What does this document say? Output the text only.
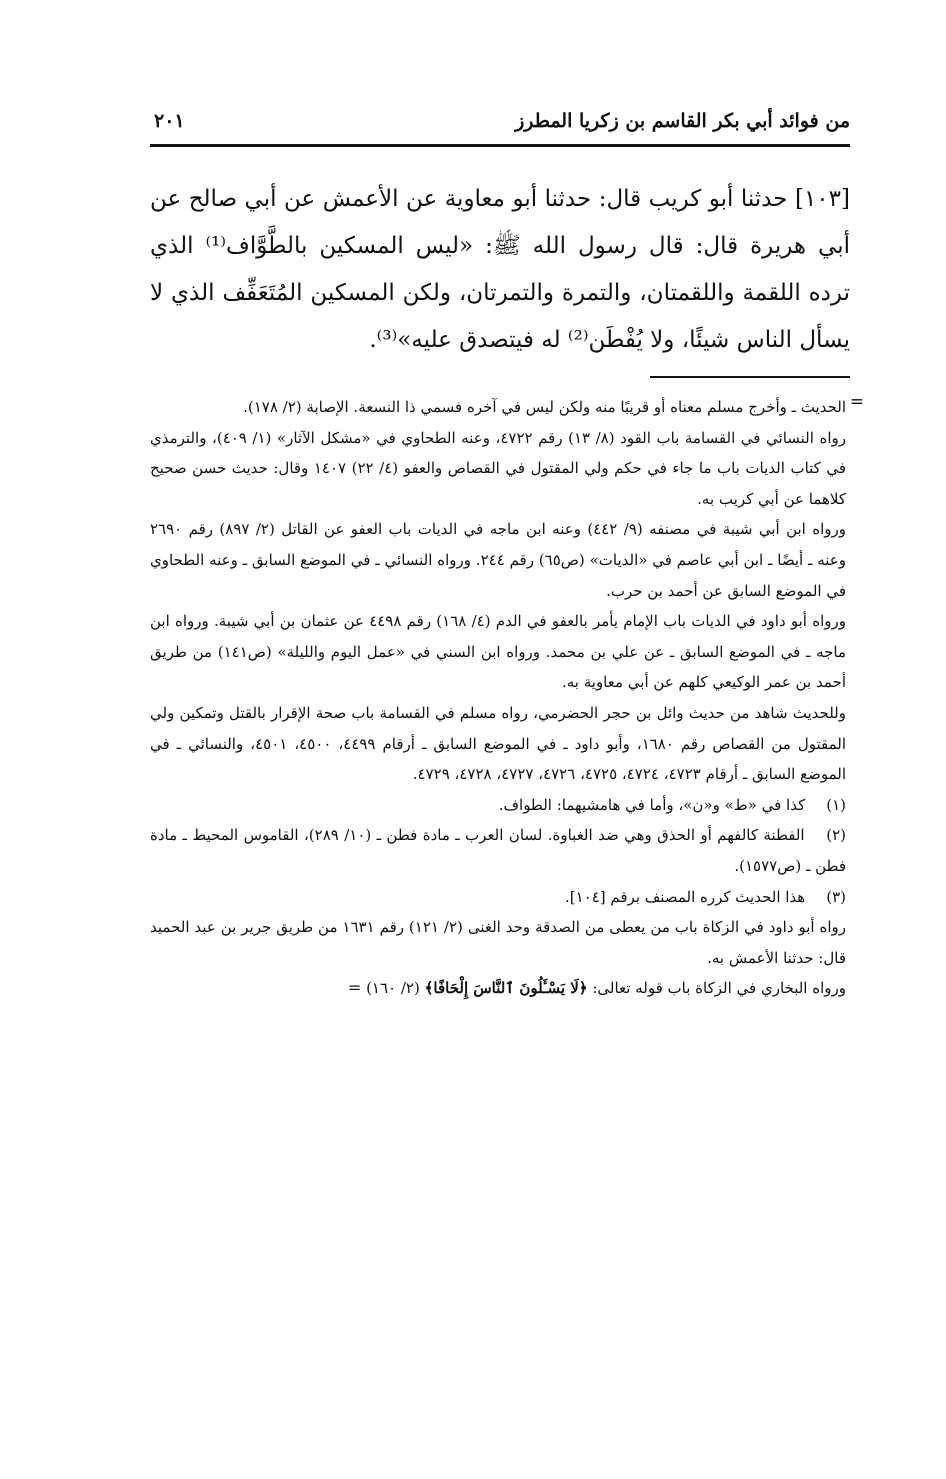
من فوائد أبي بكر القاسم بن زكريا المطرز
٢٠١

[١٠٣] حدثنا أبو كريب قال: حدثنا أبو معاوية عن الأعمش عن أبي صالح عن أبي هريرة قال: قال رسول الله ﷺ: «ليس المسكين بالطَّوَّاف⁽¹⁾ الذي ترده اللقمة واللقمتان، والتمرة والتمرتان، ولكن المسكين المُتَعَفِّف الذي لا يسأل الناس شيئًا، ولا يُفْطَن⁽²⁾ له فيتصدق عليه»⁽³⁾.

=

الحديث ـ وأخرج مسلم معناه أو قريبًا منه ولكن ليس في آخره فسمي ذا النسعة. الإصابة (٢/ ١٧٨).

رواه النسائي في القسامة باب القود (٨/ ١٣) رقم ٤٧٢٢، وعنه الطحاوي في «مشكل الآثار» (١/ ٤٠٩)، والترمذي في كتاب الديات باب ما جاء في حكم ولي المقتول في القصاص والعفو (٤/ ٢٢) ١٤٠٧ وقال: حديث حسن صحيح كلاهما عن أبي كريب به.

ورواه ابن أبي شيبة في مصنفه (٩/ ٤٤٢) وعنه ابن ماجه في الديات باب العفو عن القاتل (٢/ ٨٩٧) رقم ٢٦٩٠ وعنه ـ أيضًا ـ ابن أبي عاصم في «الديات» (ص٦٥) رقم ٢٤٤. ورواه النسائي ـ في الموضع السابق ـ وعنه الطحاوي في الموضع السابق عن أحمد بن حرب.

ورواه أبو داود في الديات باب الإمام يأمر بالعفو في الدم (٤/ ١٦٨) رقم ٤٤٩٨ عن عثمان بن أبي شيبة. ورواه ابن ماجه ـ في الموضع السابق ـ عن علي بن محمد. ورواه ابن السني في «عمل اليوم والليلة» (ص١٤١) من طريق أحمد بن عمر الوكيعي كلهم عن أبي معاوية به.

وللحديث شاهد من حديث وائل بن حجر الحضرمي، رواه مسلم في القسامة باب صحة الإقرار بالقتل وتمكين ولي المقتول من القصاص رقم ١٦٨٠، وأبو داود ـ في الموضع السابق ـ أرقام ٤٤٩٩، ٤٥٠٠، ٤٥٠١، والنسائي ـ في الموضع السابق ـ أرقام ٤٧٢٣، ٤٧٢٤، ٤٧٢٥، ٤٧٢٦، ٤٧٢٧، ٤٧٢٨، ٤٧٢٩.

(١) كذا في «ط» و«ن»، وأما في هامشيهما: الطواف.

(٢) الفطنة كالفهم أو الحذق وهي ضد الغباوة. لسان العرب ـ مادة فطن ـ (١٠/ ٢٨٩)، القاموس المحيط ـ مادة فطن ـ (ص١٥٧٧).

(٣) هذا الحديث كرره المصنف برقم [١٠٤].

رواه أبو داود في الزكاة باب من يعطى من الصدقة وحد الغنى (٢/ ١٢١) رقم ١٦٣١ من طريق جرير بن عبد الحميد قال: حدثنا الأعمش به.

ورواه البخاري في الزكاة باب قوله تعالى: ﴿لَا يَسْـَٔلُونَ ٱلنَّاسَ إِلْحَافًا﴾ (٢/ ١٦٠) =
